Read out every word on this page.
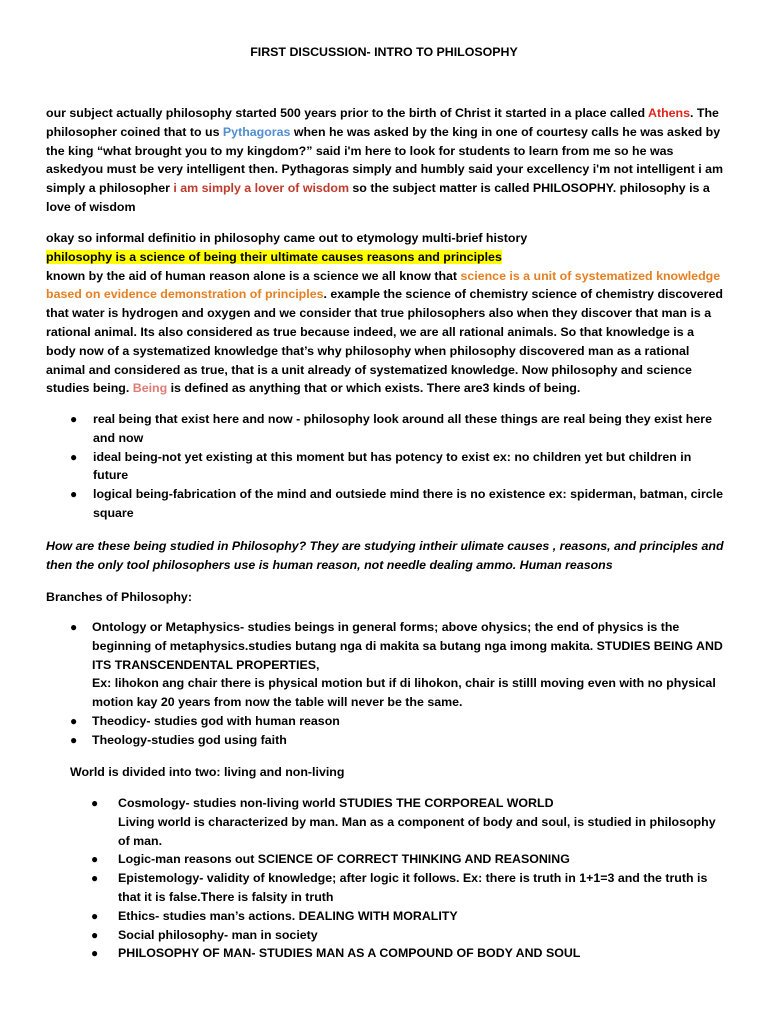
FIRST DISCUSSION- INTRO TO PHILOSOPHY
our subject actually philosophy started 500 years prior to the birth of Christ it started in a place called Athens. The philosopher coined that to us Pythagoras when he was asked by the king in one of courtesy calls he was asked by the king “what brought you to my kingdom?” said i'm here to look for students to learn from me so he was askedyou must be very intelligent then. Pythagoras simply and humbly said your excellency i'm not intelligent i am simply a philosopher i am simply a lover of wisdom so the subject matter is called PHILOSOPHY. philosophy is a love of wisdom
okay so informal definitio in philosophy came out to etymology multi-brief history
philosophy is a science of being their ultimate causes reasons and principles
known by the aid of human reason alone is a science we all know that science is a unit of systematized knowledge based on evidence demonstration of principles. example the science of chemistry science of chemistry discovered that water is hydrogen and oxygen and we consider that true philosophers also when they discover that man is a rational animal. Its also considered as true because indeed, we are all rational animals. So that knowledge is a body now of a systematized knowledge that’s why philosophy when philosophy discovered man as a rational animal and considered as true, that is a unit already of systematized knowledge. Now philosophy and science studies being. Being is defined as anything that or which exists. There are3 kinds of being.
● real being that exist here and now - philosophy look around all these things are real being they exist here and now
● ideal being-not yet existing at this moment but has potency to exist ex: no children yet but children in future
● logical being-fabrication of the mind and outsiede mind there is no existence ex: spiderman, batman, circle square
How are these being studied in Philosophy? They are studying intheir ulimate causes , reasons, and principles and then the only tool philosophers use is human reason, not needle dealing ammo. Human reasons
Branches of Philosophy:
● Ontology or Metaphysics- studies beings in general forms; above ohysics; the end of physics is the beginning of metaphysics.studies butang nga di makita sa butang nga imong makita. STUDIES BEING AND ITS TRANSCENDENTAL PROPERTIES,
Ex: lihokon ang chair there is physical motion but if di lihokon, chair is stilll moving even with no physical motion kay 20 years from now the table will never be the same.
● Theodicy- studies god with human reason
● Theology-studies god using faith
World is divided into two: living and non-living
● Cosmology- studies non-living world STUDIES THE CORPOREAL WORLD
Living world is characterized by man. Man as a component of body and soul, is studied in philosophy of man.
● Logic-man reasons out SCIENCE OF CORRECT THINKING AND REASONING
● Epistemology- validity of knowledge; after logic it follows. Ex: there is truth in 1+1=3 and the truth is that it is false.There is falsity in truth
● Ethics- studies man’s actions. DEALING WITH MORALITY
● Social philosophy- man in society
● PHILOSOPHY OF MAN- STUDIES MAN AS A COMPOUND OF BODY AND SOUL
